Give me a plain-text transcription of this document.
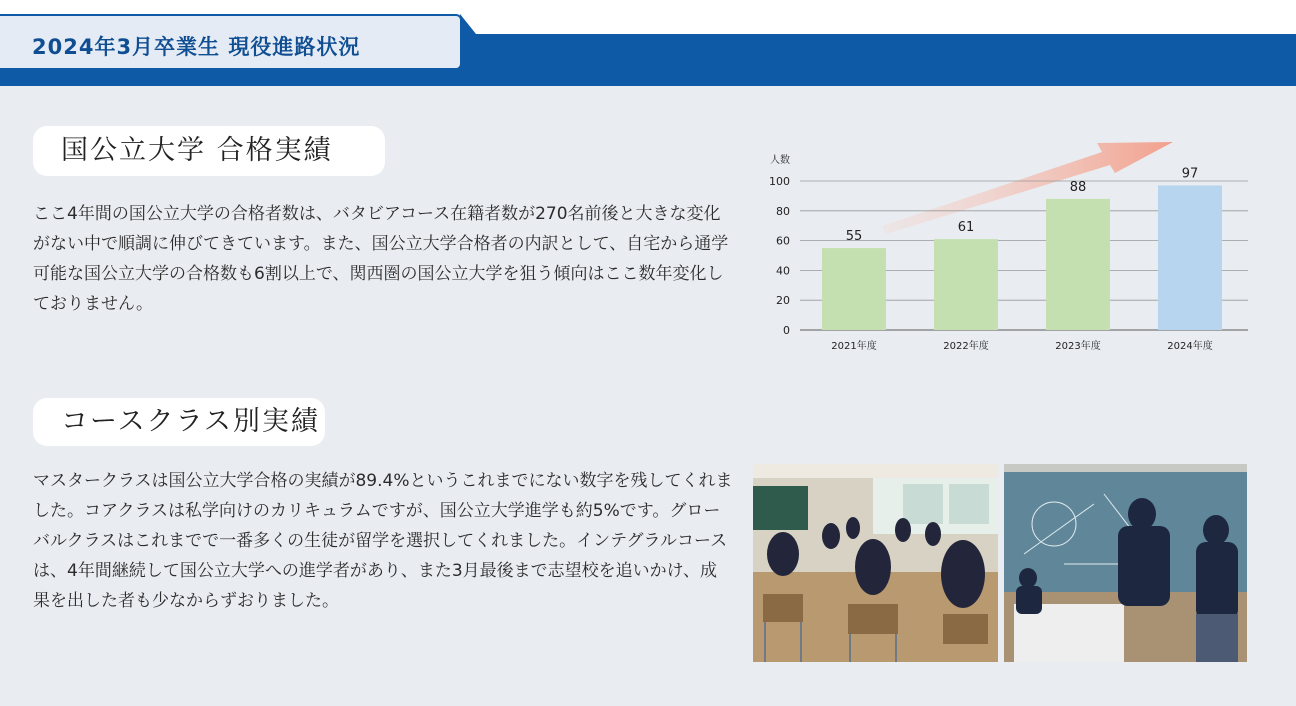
2024年3月卒業生 現役進路状況
国公立大学 合格実績

ここ4年間の国公立大学の合格者数は、バタビアコース在籍者数が270名前後と大きな変化がない中で順調に伸びてきています。また、国公立大学合格者の内訳として、自宅から通学可能な国公立大学の合格数も6割以上で、関西圏の国公立大学を狙う傾向はここ数年変化しておりません。

0
20
40
60
80
100
2021年度	2022年度	2023年度	2024年度
55
61
88
97
人数
コースクラス別実績

マスタークラスは国公立大学合格の実績が89.4%というこれまでにない数字を残してくれました。コアクラスは私学向けのカリキュラムですが、国公立大学進学も約5%です。グローバルクラスはこれまでで一番多くの生徒が留学を選択してくれました。インテグラルコースは、4年間継続して国公立大学への進学者があり、また3月最後まで志望校を追いかけ、成果を出した者も少なからずおりました。
